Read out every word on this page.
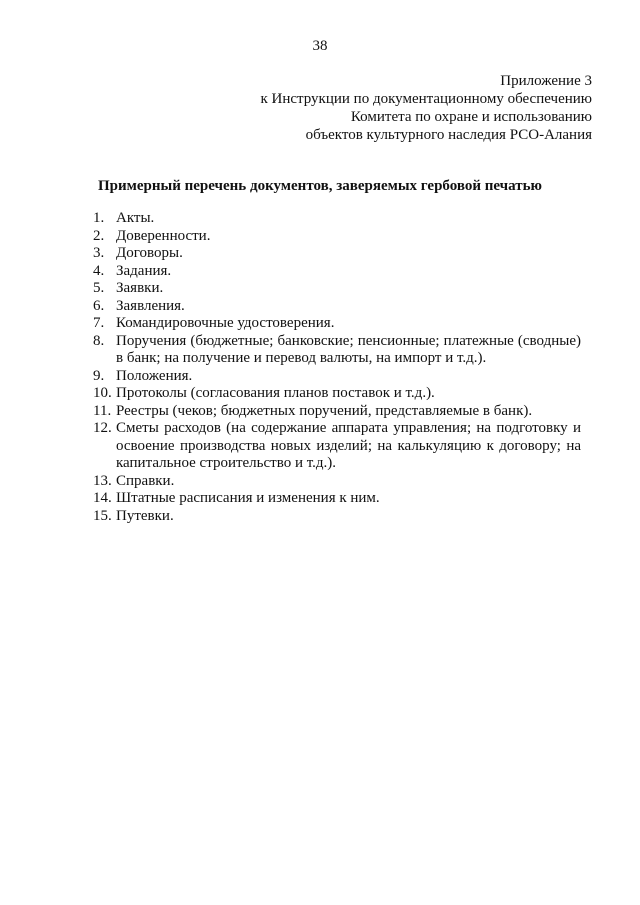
38
Приложение 3
к Инструкции по документационному обеспечению
Комитета по охране и использованию
объектов культурного наследия РСО-Алания
Примерный перечень документов, заверяемых гербовой печатью
1. Акты.
2. Доверенности.
3. Договоры.
4. Задания.
5. Заявки.
6. Заявления.
7. Командировочные удостоверения.
8. Поручения (бюджетные; банковские; пенсионные; платежные (сводные) в банк; на получение и перевод валюты, на импорт и т.д.).
9. Положения.
10. Протоколы (согласования планов поставок и т.д.).
11. Реестры (чеков; бюджетных поручений, представляемые в банк).
12. Сметы расходов (на содержание аппарата управления; на подготовку и освоение производства новых изделий; на калькуляцию к договору; на капитальное строительство и т.д.).
13. Справки.
14. Штатные расписания и изменения к ним.
15. Путевки.
